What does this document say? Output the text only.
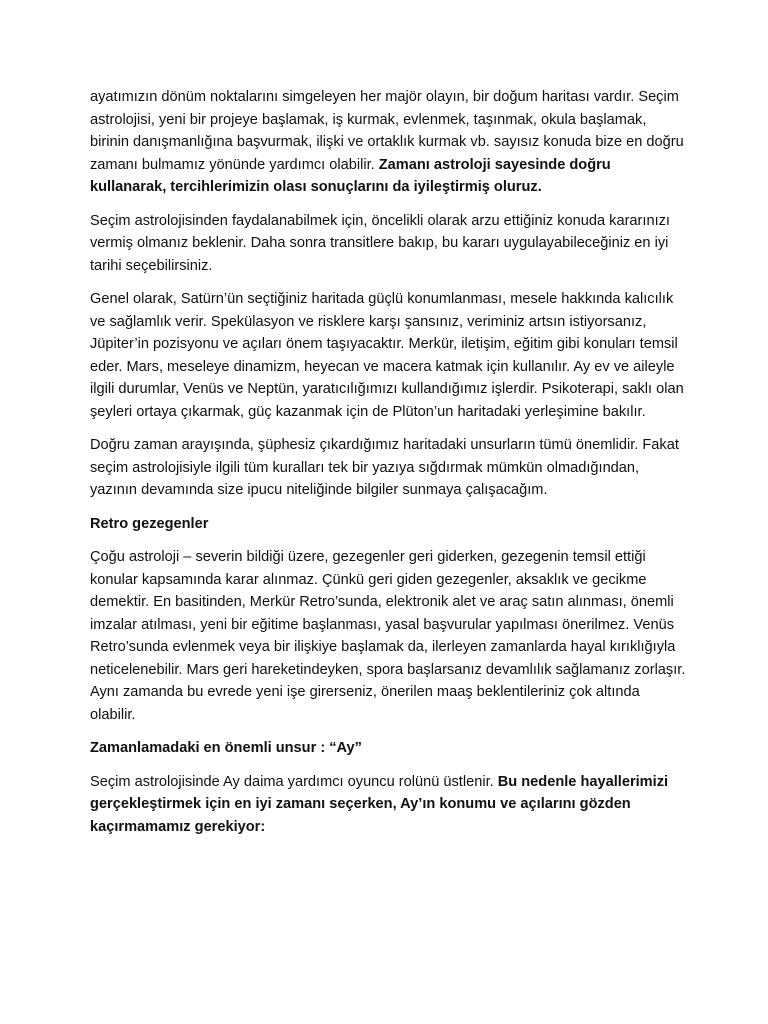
ayatımızın dönüm noktalarını simgeleyen her majör olayın, bir doğum haritası vardır. Seçim astrolojisi, yeni bir projeye başlamak, iş kurmak, evlenmek, taşınmak, okula başlamak, birinin danışmanlığına başvurmak, ilişki ve ortaklık kurmak vb. sayısız konuda bize en doğru zamanı bulmamız yönünde yardımcı olabilir. Zamanı astroloji sayesinde doğru kullanarak, tercihlerimizin olası sonuçlarını da iyileştirmiş oluruz.

Seçim astrolojisinden faydalanabilmek için, öncelikli olarak arzu ettiğiniz konuda kararınızı vermiş olmanız beklenir. Daha sonra transitlere bakıp, bu kararı uygulayabileceğiniz en iyi tarihi seçebilirsiniz.

Genel olarak, Satürn’ün seçtiğiniz haritada güçlü konumlanması, mesele hakkında kalıcılık ve sağlamlık verir. Spekülasyon ve risklere karşı şansınız, veriminiz artsın istiyorsanız, Jüpiter’in pozisyonu ve açıları önem taşıyacaktır. Merkür, iletişim, eğitim gibi konuları temsil eder. Mars, meseleye dinamizm, heyecan ve macera katmak için kullanılır. Ay ev ve aileyle ilgili durumlar, Venüs ve Neptün, yaratıcılığımızı kullandığımız işlerdir. Psikoterapi, saklı olan şeyleri ortaya çıkarmak, güç kazanmak için de Plüton’un haritadaki yerleşimine bakılır.

Doğru zaman arayışında, şüphesiz çıkardığımız haritadaki unsurların tümü önemlidir. Fakat seçim astrolojisiyle ilgili tüm kuralları tek bir yazıya sığdırmak mümkün olmadığından, yazının devamında size ipucu niteliğinde bilgiler sunmaya çalışacağım.

Retro gezegenler

Çoğu astroloji – severin bildiği üzere, gezegenler geri giderken, gezegenin temsil ettiği konular kapsamında karar alınmaz. Çünkü geri giden gezegenler, aksaklık ve gecikme demektir. En basitinden, Merkür Retro’sunda, elektronik alet ve araç satın alınması, önemli imzalar atılması, yeni bir eğitime başlanması, yasal başvurular yapılması önerilmez. Venüs Retro’sunda evlenmek veya bir ilişkiye başlamak da, ilerleyen zamanlarda hayal kırıklığıyla neticelenebilir. Mars geri hareketindeyken, spora başlarsanız devamlılık sağlamanız zorlaşır. Aynı zamanda bu evrede yeni işe girerseniz, önerilen maaş beklentileriniz çok altında olabilir.

Zamanlamadaki en önemli unsur : “Ay”

Seçim astrolojisinde Ay daima yardımcı oyuncu rolünü üstlenir. Bu nedenle hayallerimizi gerçekleştirmek için en iyi zamanı seçerken, Ay’ın konumu ve açılarını gözden kaçırmamamız gerekiyor:
